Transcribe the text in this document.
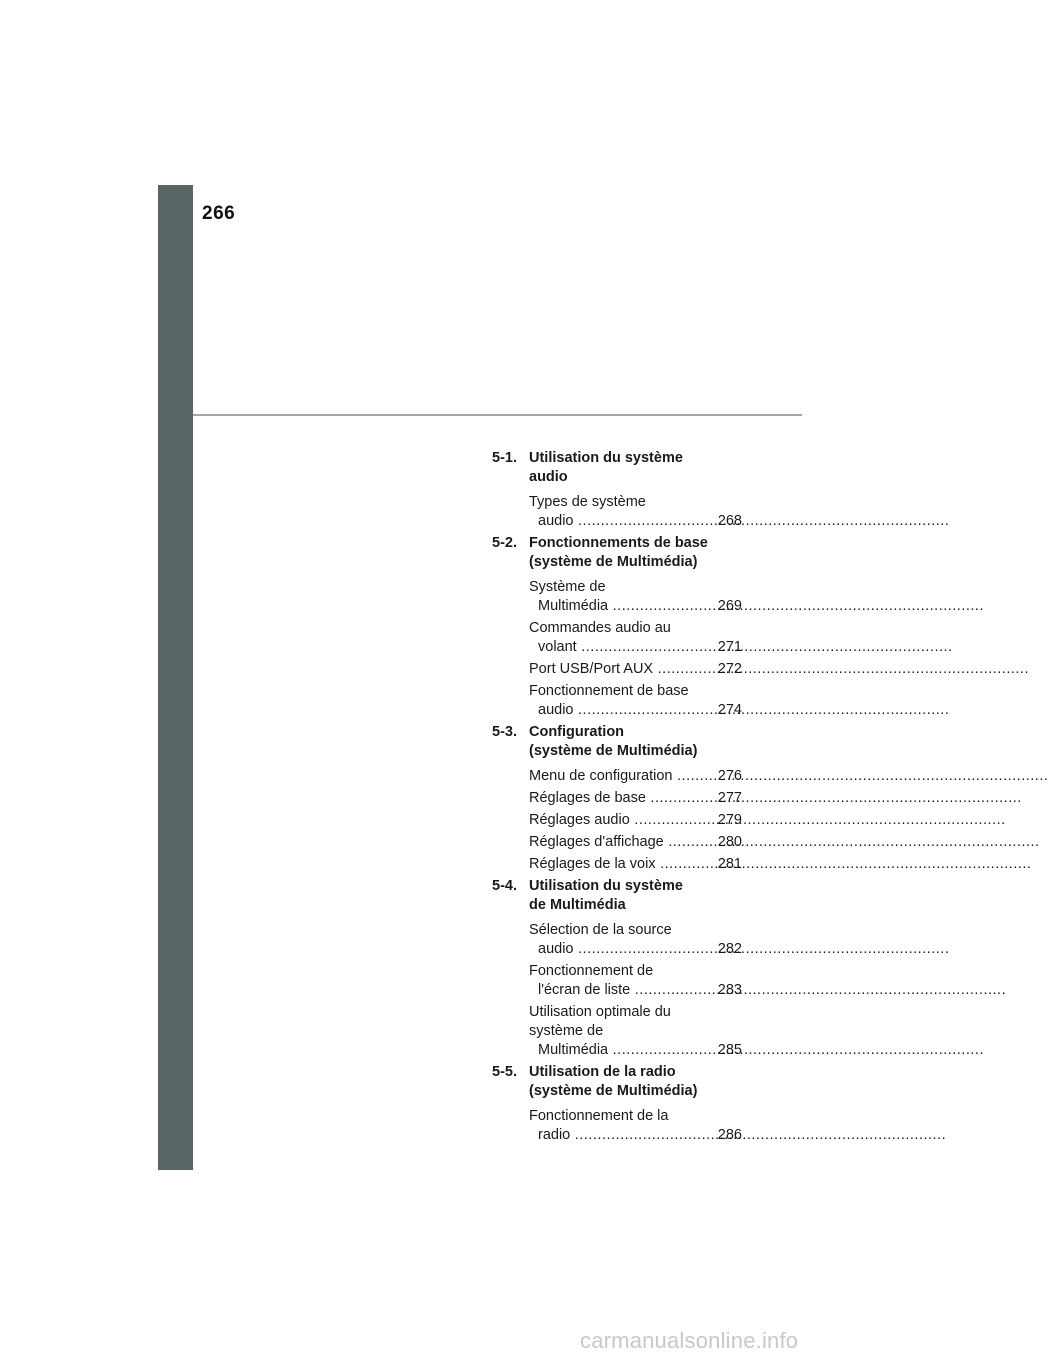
266
5-1. Utilisation du système
audio
Types de système
268
audio .....
5-2. Fonctionnements de base
(système de Multimédia)
Système de
269
Multimédia .....
Commandes audio au
271
volant .....
272
Port USB/Port AUX .....
Fonctionnement de base
274
audio .....
5-3. Configuration
(système de Multimédia)
276
Menu de configuration .....
277
Réglages de base .....
279
Réglages audio .....
280
Réglages d'affichage .....
281
Réglages de la voix .....
5-4. Utilisation du système
de Multimédia
Sélection de la source
282
audio .....
Fonctionnement de
283
l'écran de liste .....
Utilisation optimale du
système de
285
Multimédia .....
5-5. Utilisation de la radio
(système de Multimédia)
Fonctionnement de la
286
radio .....
carmanualsonline.info
